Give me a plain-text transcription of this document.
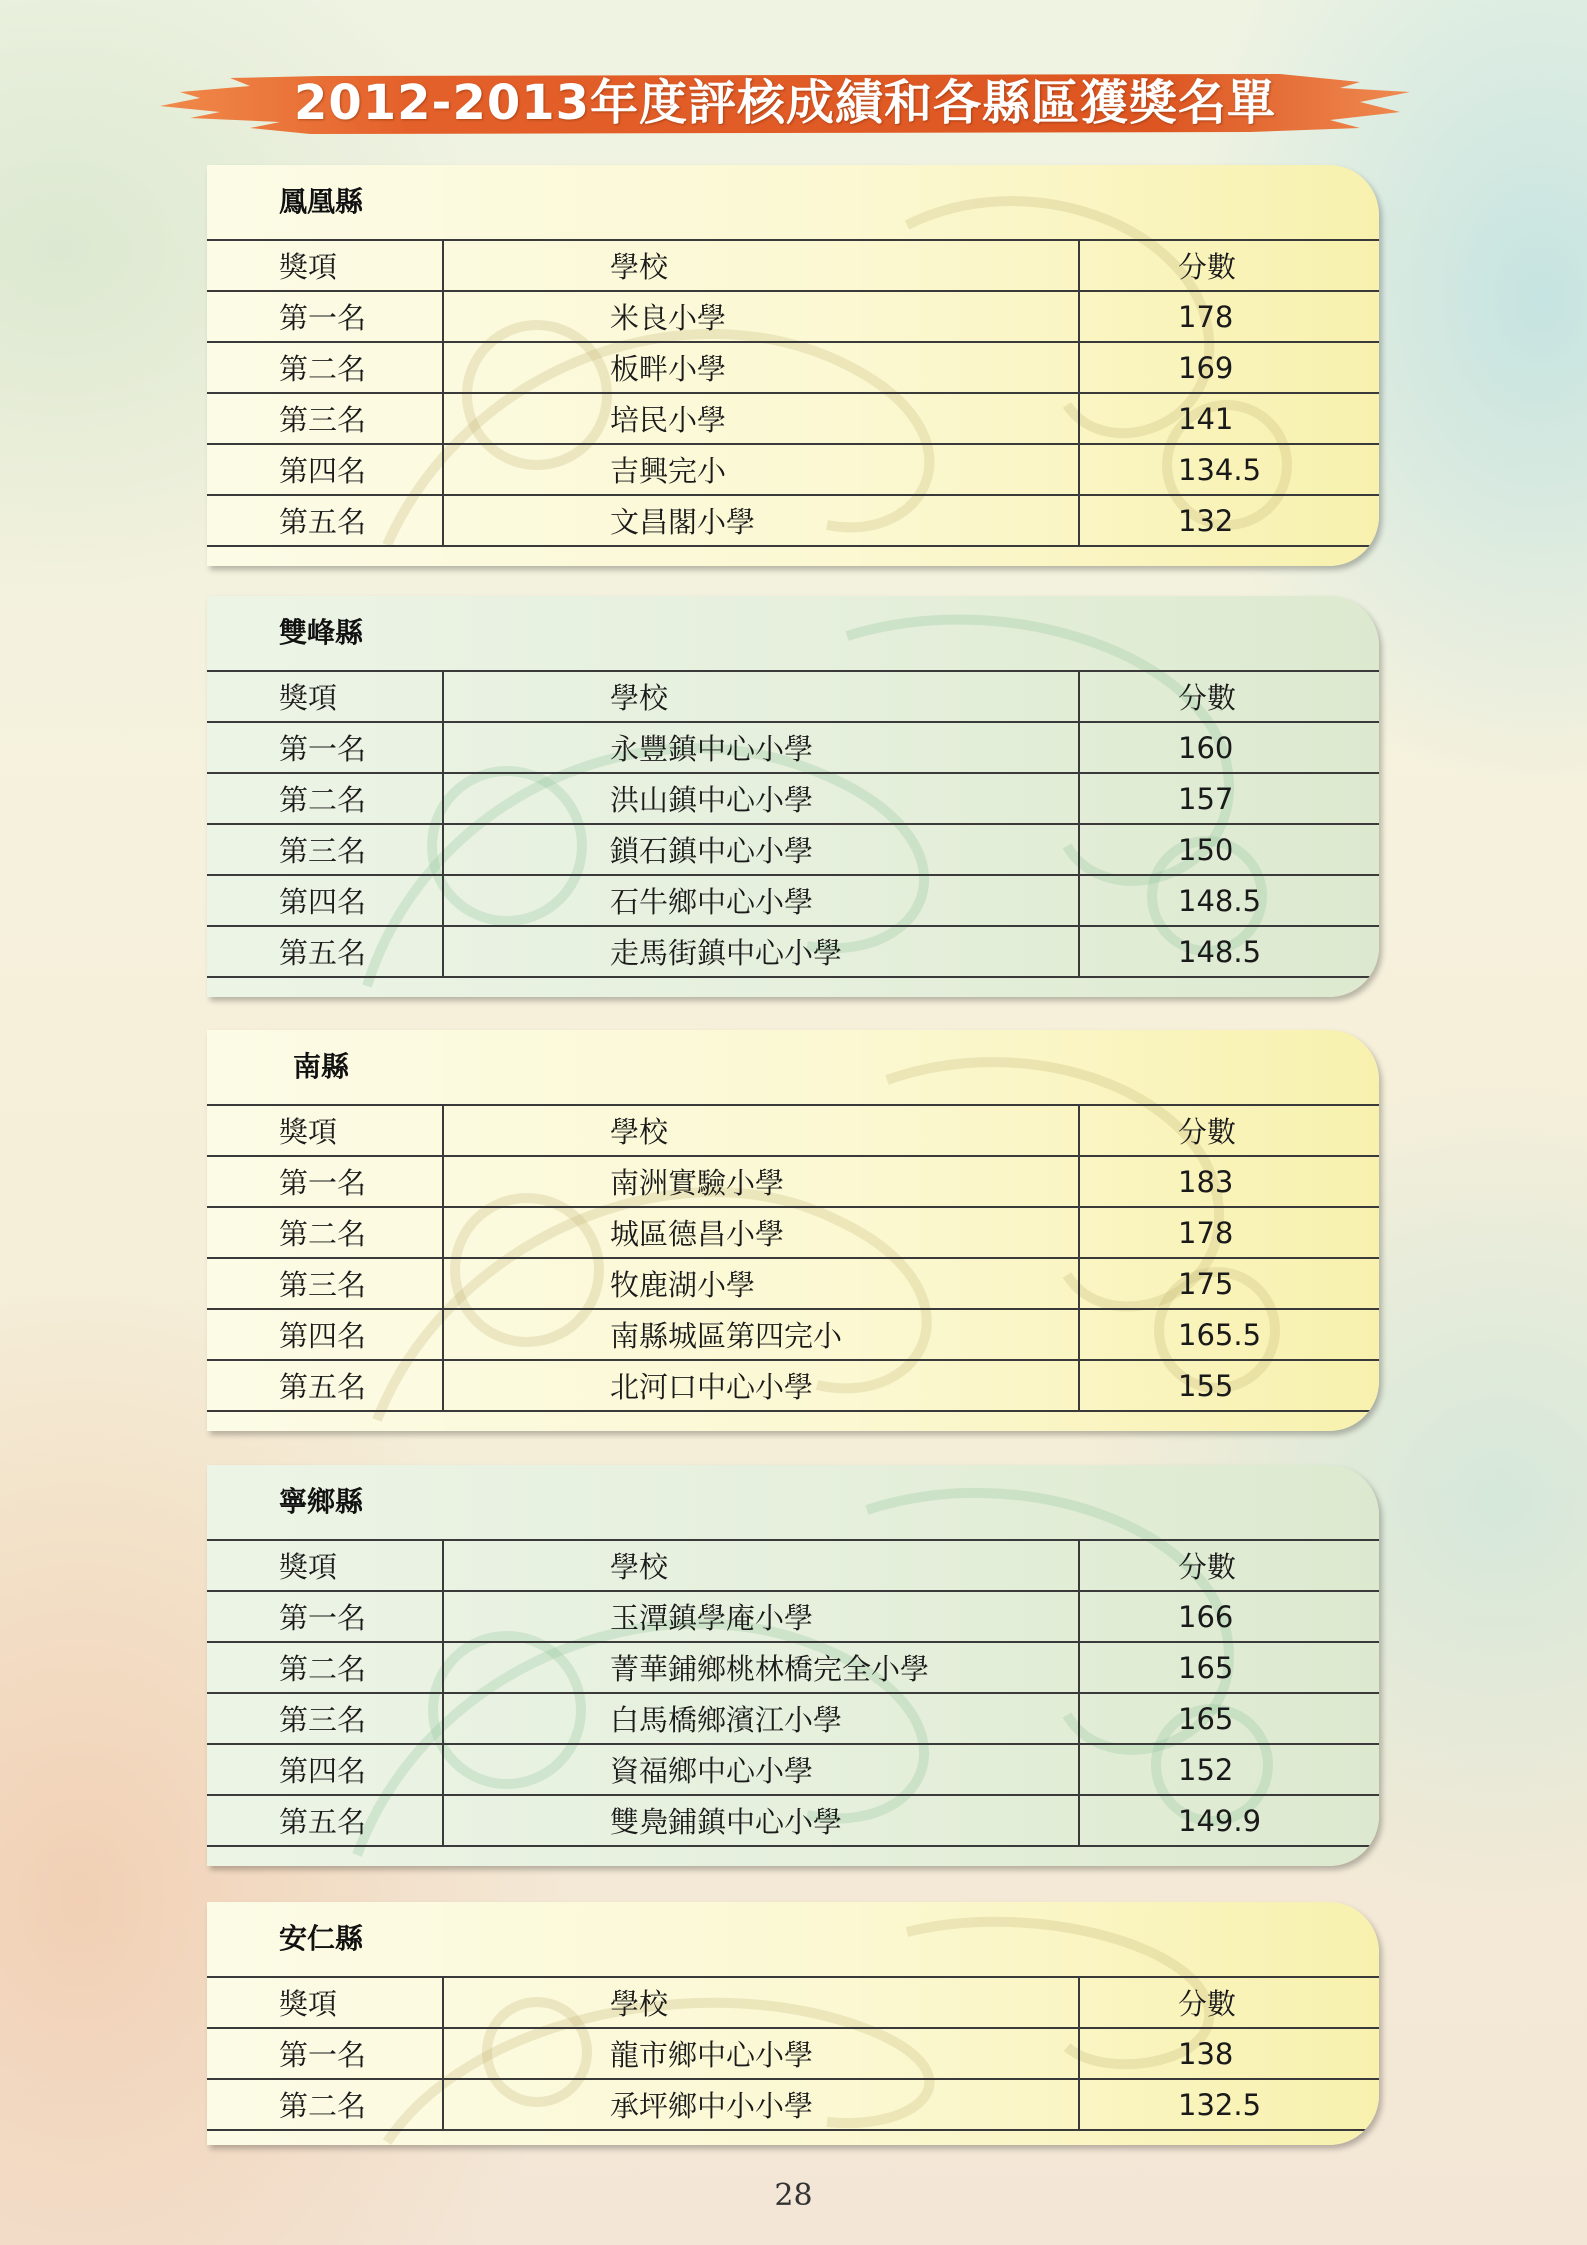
2012-2013年度評核成績和各縣區獲獎名單
鳳凰縣
獎項	學校	分數
第一名	米良小學	178
第二名	板畔小學	169
第三名	培民小學	141
第四名	吉興完小	134.5
第五名	文昌閣小學	132
雙峰縣
獎項	學校	分數
第一名	永豐鎮中心小學	160
第二名	洪山鎮中心小學	157
第三名	鎖石鎮中心小學	150
第四名	石牛鄉中心小學	148.5
第五名	走馬街鎮中心小學	148.5
南縣
獎項	學校	分數
第一名	南洲實驗小學	183
第二名	城區德昌小學	178
第三名	牧鹿湖小學	175
第四名	南縣城區第四完小	165.5
第五名	北河口中心小學	155
寧鄉縣
獎項	學校	分數
第一名	玉潭鎮學庵小學	166
第二名	菁華鋪鄉桃林橋完全小學	165
第三名	白馬橋鄉濱江小學	165
第四名	資福鄉中心小學	152
第五名	雙鳧鋪鎮中心小學	149.9
安仁縣
獎項	學校	分數
第一名	龍市鄉中心小學	138
第二名	承坪鄉中小小學	132.5
28
